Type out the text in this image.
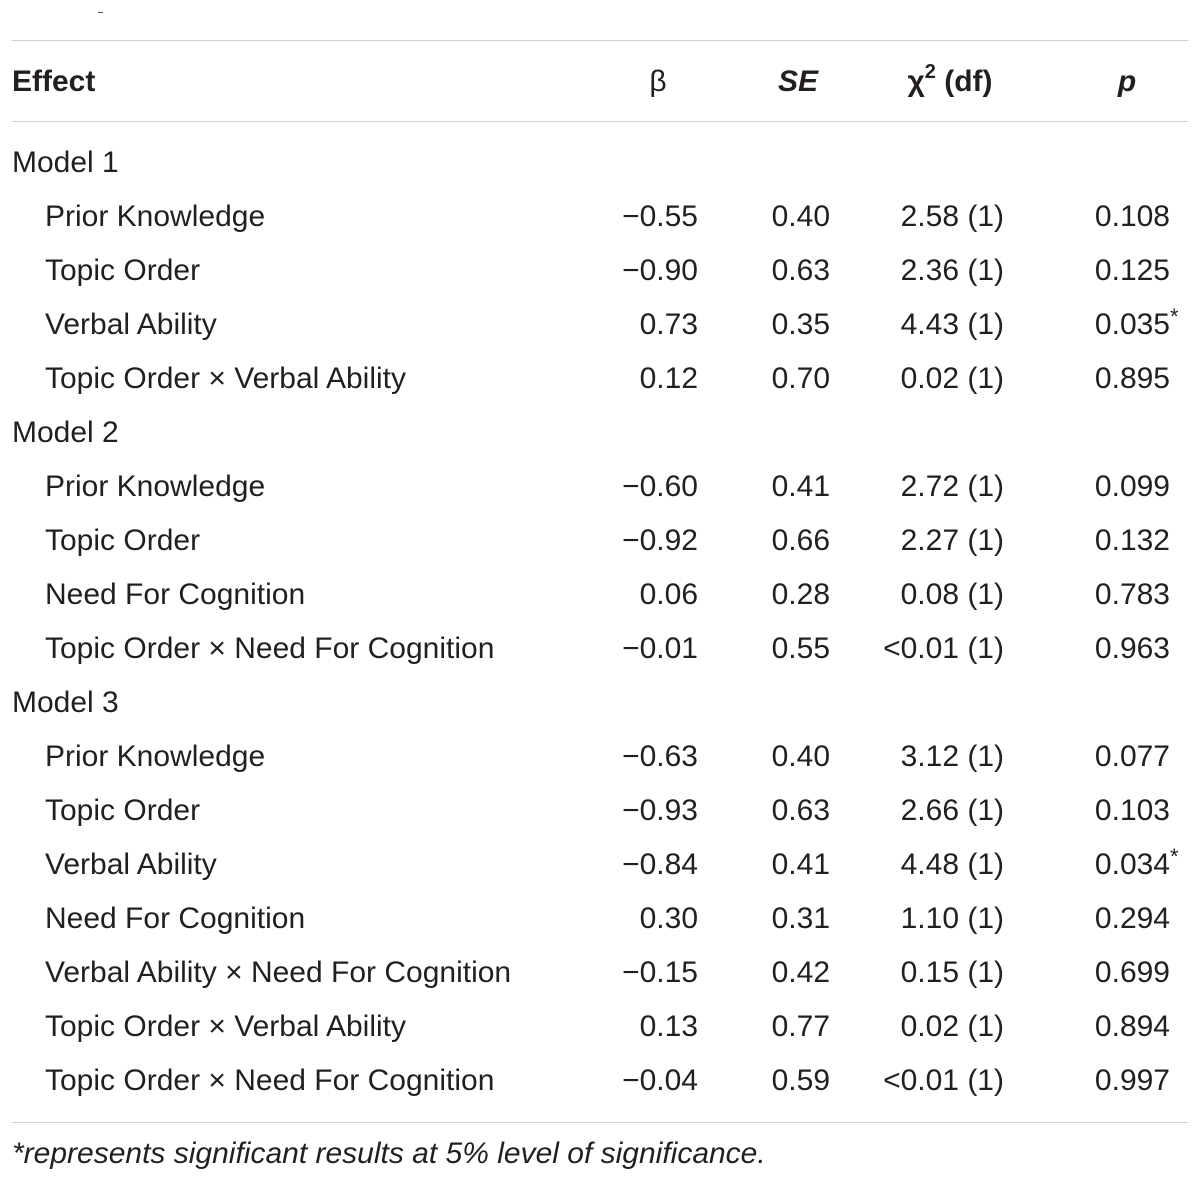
Effect	β	SE	$\chi^2$ (df)	p
Model 1
Prior Knowledge	−0.55	0.40	2.58 (1)	0.108
Topic Order	−0.90	0.63	2.36 (1)	0.125
Verbal Ability	0.73	0.35	4.43 (1)	0.035 *
Topic Order × Verbal Ability	0.12	0.70	0.02 (1)	0.895
Model 2
Prior Knowledge	−0.60	0.41	2.72 (1)	0.099
Topic Order	−0.92	0.66	2.27 (1)	0.132
Need For Cognition	0.06	0.28	0.08 (1)	0.783
Topic Order × Need For Cognition	−0.01	0.55	<0.01 (1)	0.963
Model 3
Prior Knowledge	−0.63	0.40	3.12 (1)	0.077
Topic Order	−0.93	0.63	2.66 (1)	0.103
Verbal Ability	−0.84	0.41	4.48 (1)	0.034 *
Need For Cognition	0.30	0.31	1.10 (1)	0.294
Verbal Ability × Need For Cognition	−0.15	0.42	0.15 (1)	0.699
Topic Order × Verbal Ability	0.13	0.77	0.02 (1)	0.894
Topic Order × Need For Cognition	−0.04	0.59	<0.01 (1)	0.997
*represents significant results at 5% level of significance.
